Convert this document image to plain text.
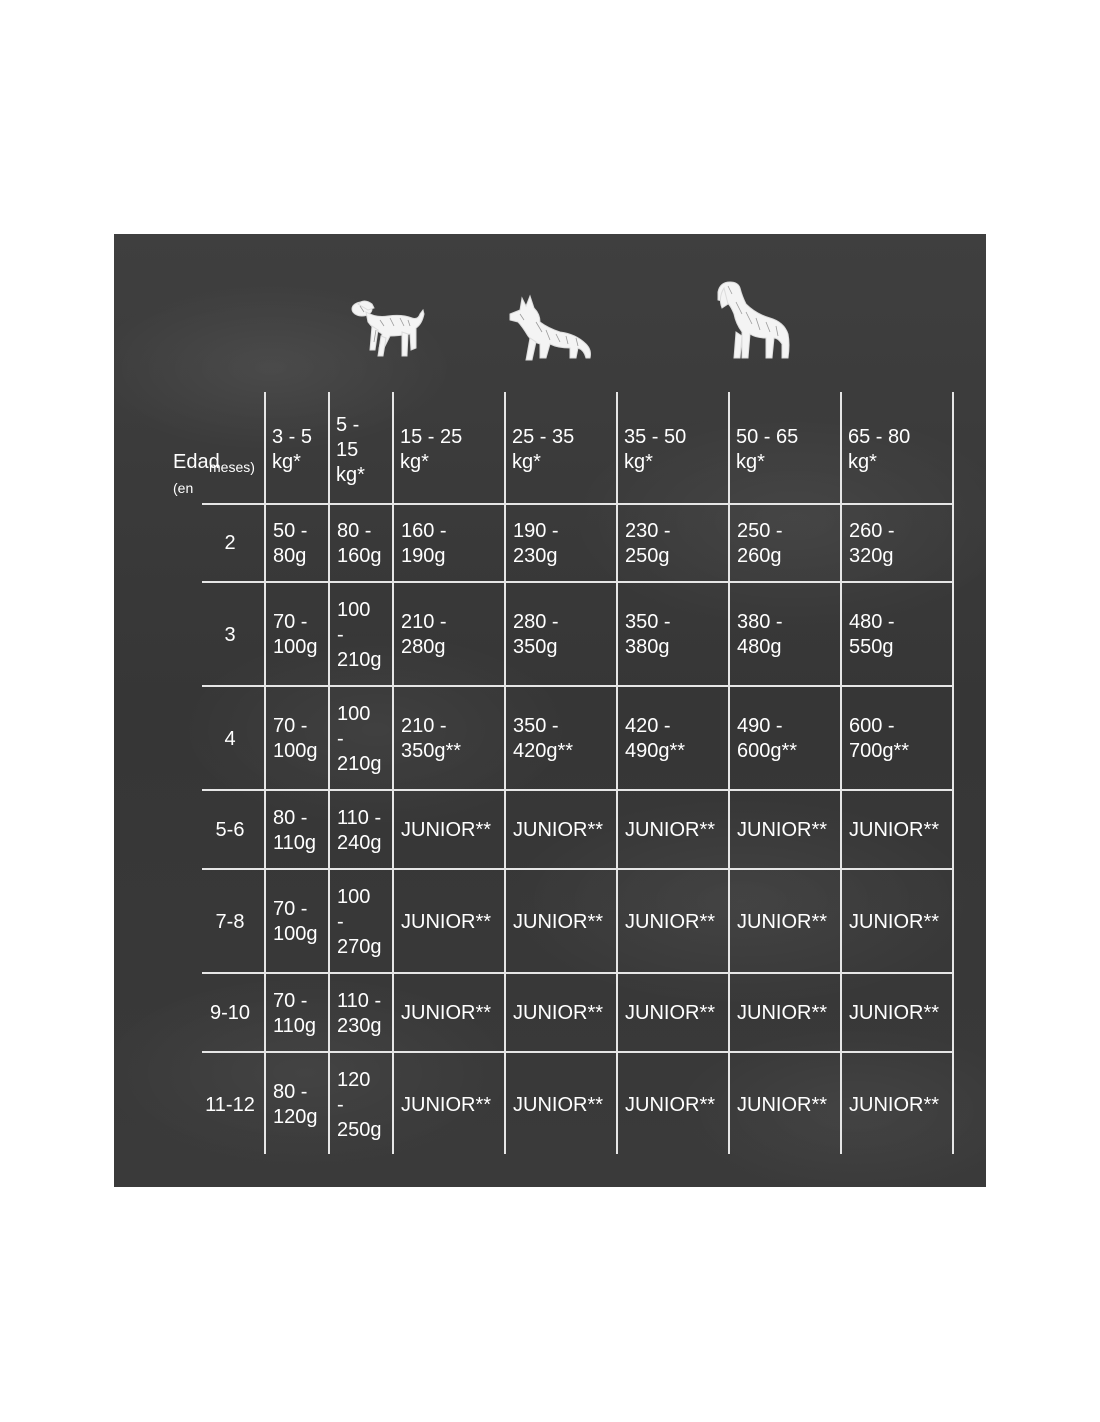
Edad
(en

meses)
3 - 5
kg*
5 -
15
kg*
15 - 25
kg*
25 - 35
kg*
35 - 50
kg*
50 - 65
kg*
65 - 80
kg*
2
50 -
80g
80 -
160g
160 -
190g
190 -
230g
230 -
250g
250 -
260g
260 -
320g
3
70 -
100g
100
-
210g
210 -
280g
280 -
350g
350 -
380g
380 -
480g
480 -
550g
4
70 -
100g
100
-
210g
210 -
350g**
350 -
420g**
420 -
490g**
490 -
600g**
600 -
700g**
5-6
80 -
110g
110 -
240g
JUNIOR** JUNIOR** JUNIOR** JUNIOR** JUNIOR**
7-8
70 -
100g
100
-
270g
JUNIOR** JUNIOR** JUNIOR** JUNIOR** JUNIOR**
9-10
70 -
110g
110 -
230g
JUNIOR** JUNIOR** JUNIOR** JUNIOR** JUNIOR**
11-12
80 -
120g
120
-
250g
JUNIOR** JUNIOR** JUNIOR** JUNIOR** JUNIOR**
